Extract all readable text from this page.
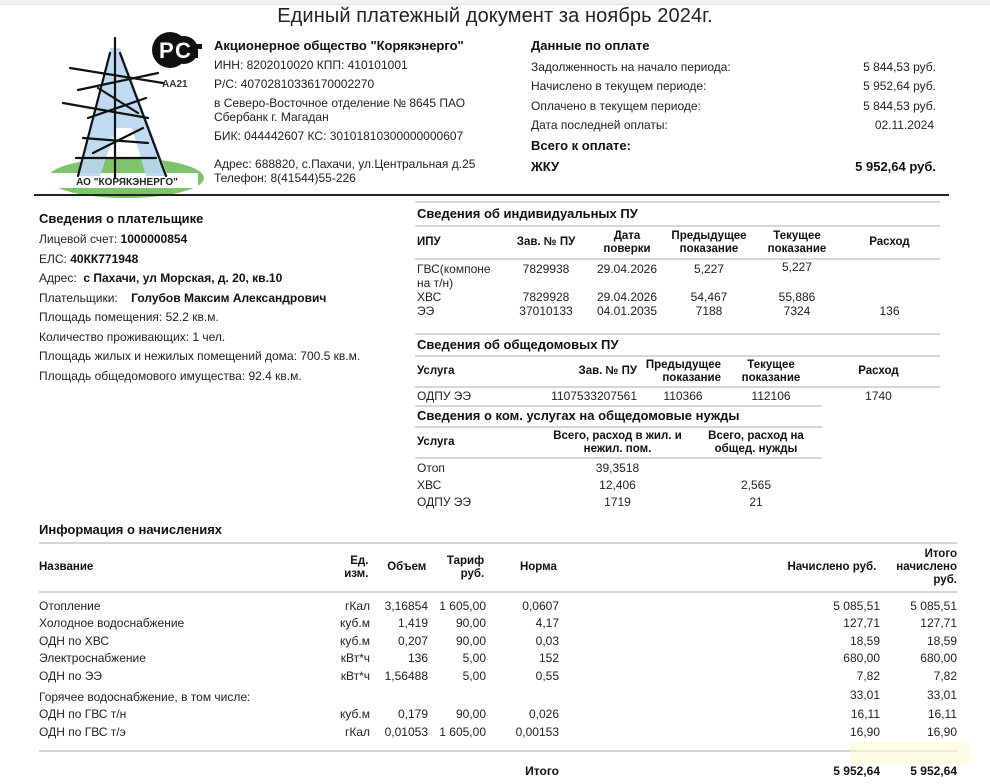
Единый платежный документ за ноябрь 2024г.
АО "КОРЯКЭНЕРГО"
Р С
АА21
Акционерное общество "Корякэнерго"
ИНН: 8202010020 КПП: 410101001
Р/С: 40702810336170002270
в Северо-Восточное отделение № 8645 ПАО
Сбербанк г. Магадан
БИК: 044442607 КС: 30101810300000000607
Адрес: 688820, с.Пахачи, ул.Центральная д.25
Телефон: 8(41544)55-226
Данные по оплате
Задолженность на начало периода:	5 844,53 руб.
Начислено в текущем периоде:	5 952,64 руб.
Оплачено в текущем периоде:	5 844,53 руб.
Дата последней оплаты:	02.11.2024
Всего к оплате:
ЖКУ	5 952,64 руб.
Сведения о плательщике
Лицевой счет: 1000000854
ЕЛС: 40КК771948
Адрес: с Пахачи, ул Морская, д. 20, кв.10
Плательщики: Голубов Максим Александрович
Площадь помещения: 52.2 кв.м.
Количество проживающих: 1 чел.
Площадь жилых и нежилых помещений дома: 700.5 кв.м.
Площадь общедомового имущества: 92.4 кв.м.
Сведения об индивидуальных ПУ
ИПУ	Зав. № ПУ	Дата поверки	Предыдущее показание	Текущее показание	Расход

ГВС(компоне на т/н)	7829938	29.04.2026	5,227	5,227	
ХВС	7829928	29.04.2026	54,467	55,886	
ЭЭ	37010133	04.01.2035	7188	7324	136
Сведения об общедомовых ПУ
Услуга	Зав. № ПУ	Предыдущее показание	Текущее показание	Расход

ОДПУ ЭЭ	1107533207561	110366	112106	1740
Сведения о ком. услугах на общедомовые нужды
Услуга	Всего, расход в жил. и нежил. пом.	Всего, расход на общед. нужды

Отоп	39,3518	
ХВС	12,406	2,565
ОДПУ ЭЭ	1719	21
Информация о начислениях
Название	Ед. изм.	Объем	Тариф руб.	Норма	Начислено руб.	Итого начислено руб.

Отопление	гКал	3,16854	1 605,00	0,0607	5 085,51	5 085,51
Холодное водоснабжение	куб.м	1,419	90,00	4,17	127,71	127,71
ОДН по ХВС	куб.м	0,207	90,00	0,03	18,59	18,59
Электроснабжение	кВт*ч	136	5,00	152	680,00	680,00
ОДН по ЭЭ	кВт*ч	1,56488	5,00	0,55	7,82	7,82
Горячее водоснабжение, в том числе:					33,01	33,01
ОДН по ГВС т/н	куб.м	0,179	90,00	0,026	16,11	16,11
ОДН по ГВС т/э	гКал	0,01053	1 605,00	0,00153	16,90	16,90

				Итого	5 952,64	5 952,64
